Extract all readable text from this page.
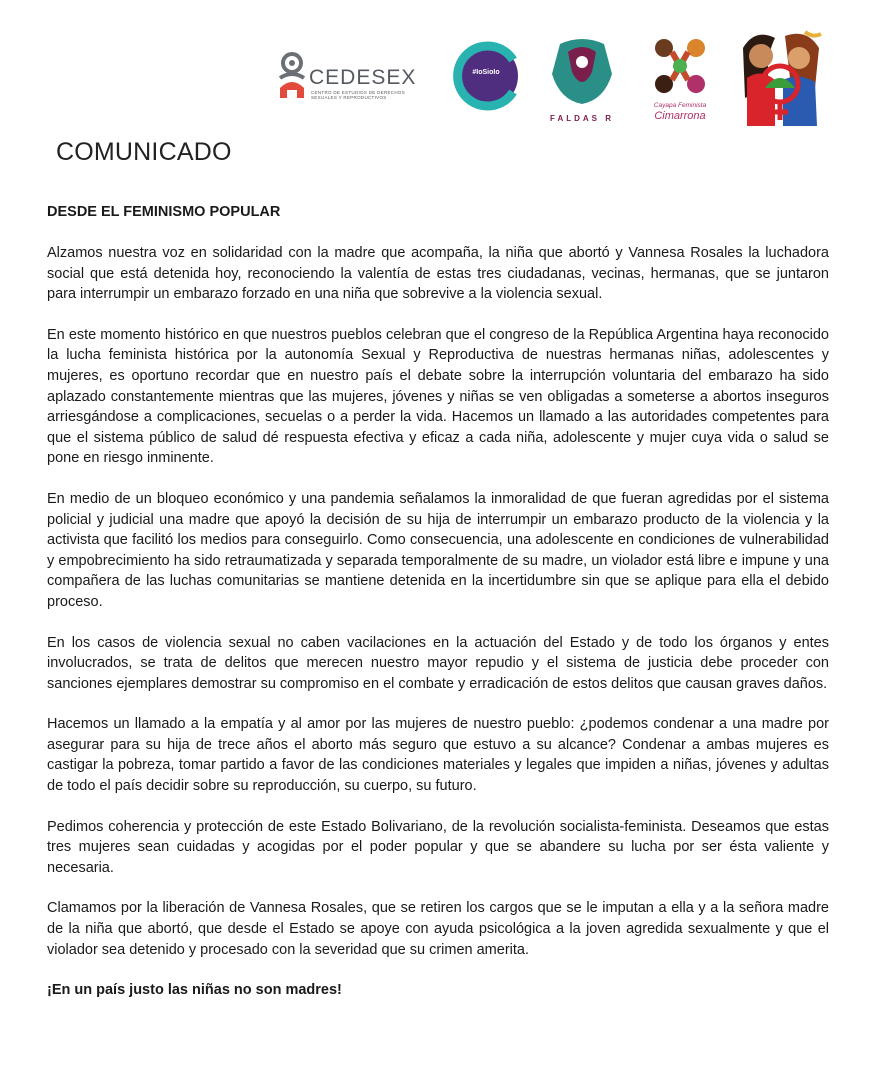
CEDESEX
CENTRO DE ESTUDIOS DE DERECHOS SEXUALES Y REPRODUCTIVOS
#IoSioIo
FALDAS R
Cayapa Feminista
Cimarrona
COMUNICADO

DESDE EL FEMINISMO POPULAR

Alzamos nuestra voz en solidaridad con la madre que acompaña, la niña que abortó y Vannesa Rosales la luchadora social que está detenida hoy, reconociendo la valentía de estas tres ciudadanas, vecinas, hermanas, que se juntaron para interrumpir un embarazo forzado en una niña que sobrevive a la violencia sexual.

En este momento histórico en que nuestros pueblos celebran que el congreso de la República Argentina haya reconocido la lucha feminista histórica por la autonomía Sexual y Reproductiva de nuestras hermanas niñas, adolescentes y mujeres, es oportuno recordar que en nuestro país el debate sobre la interrupción voluntaria del embarazo ha sido aplazado constantemente mientras que las mujeres, jóvenes y niñas se ven obligadas a someterse a abortos inseguros arriesgándose a complicaciones, secuelas o a perder la vida. Hacemos un llamado a las autoridades competentes para que el sistema público de salud dé respuesta efectiva y eficaz a cada niña, adolescente y mujer cuya vida o salud se pone en riesgo inminente.

En medio de un bloqueo económico y una pandemia señalamos la inmoralidad de que fueran agredidas por el sistema policial y judicial una madre que apoyó la decisión de su hija de interrumpir un embarazo producto de la violencia y la activista que facilitó los medios para conseguirlo. Como consecuencia, una adolescente en condiciones de vulnerabilidad y empobrecimiento ha sido retraumatizada y separada temporalmente de su madre, un violador está libre e impune y una compañera de las luchas comunitarias se mantiene detenida en la incertidumbre sin que se aplique para ella el debido proceso.

En los casos de violencia sexual no caben vacilaciones en la actuación del Estado y de todo los órganos y entes involucrados, se trata de delitos que merecen nuestro mayor repudio y el sistema de justicia debe proceder con sanciones ejemplares demostrar su compromiso en el combate y erradicación de estos delitos que causan graves daños.

Hacemos un llamado a la empatía y al amor por las mujeres de nuestro pueblo: ¿podemos condenar a una madre por asegurar para su hija de trece años el aborto más seguro que estuvo a su alcance? Condenar a ambas mujeres es castigar la pobreza, tomar partido a favor de las condiciones materiales y legales que impiden a niñas, jóvenes y adultas de todo el país decidir sobre su reproducción, su cuerpo, su futuro.

Pedimos coherencia y protección de este Estado Bolivariano, de la revolución socialista-feminista. Deseamos que estas tres mujeres sean cuidadas y acogidas por el poder popular y que se abandere su lucha por ser ésta valiente y necesaria.

Clamamos por la liberación de Vannesa Rosales, que se retiren los cargos que se le imputan a ella y a la señora madre de la niña que abortó, que desde el Estado se apoye con ayuda psicológica a la joven agredida sexualmente y que el violador sea detenido y procesado con la severidad que su crimen amerita.

¡En un país justo las niñas no son madres!
